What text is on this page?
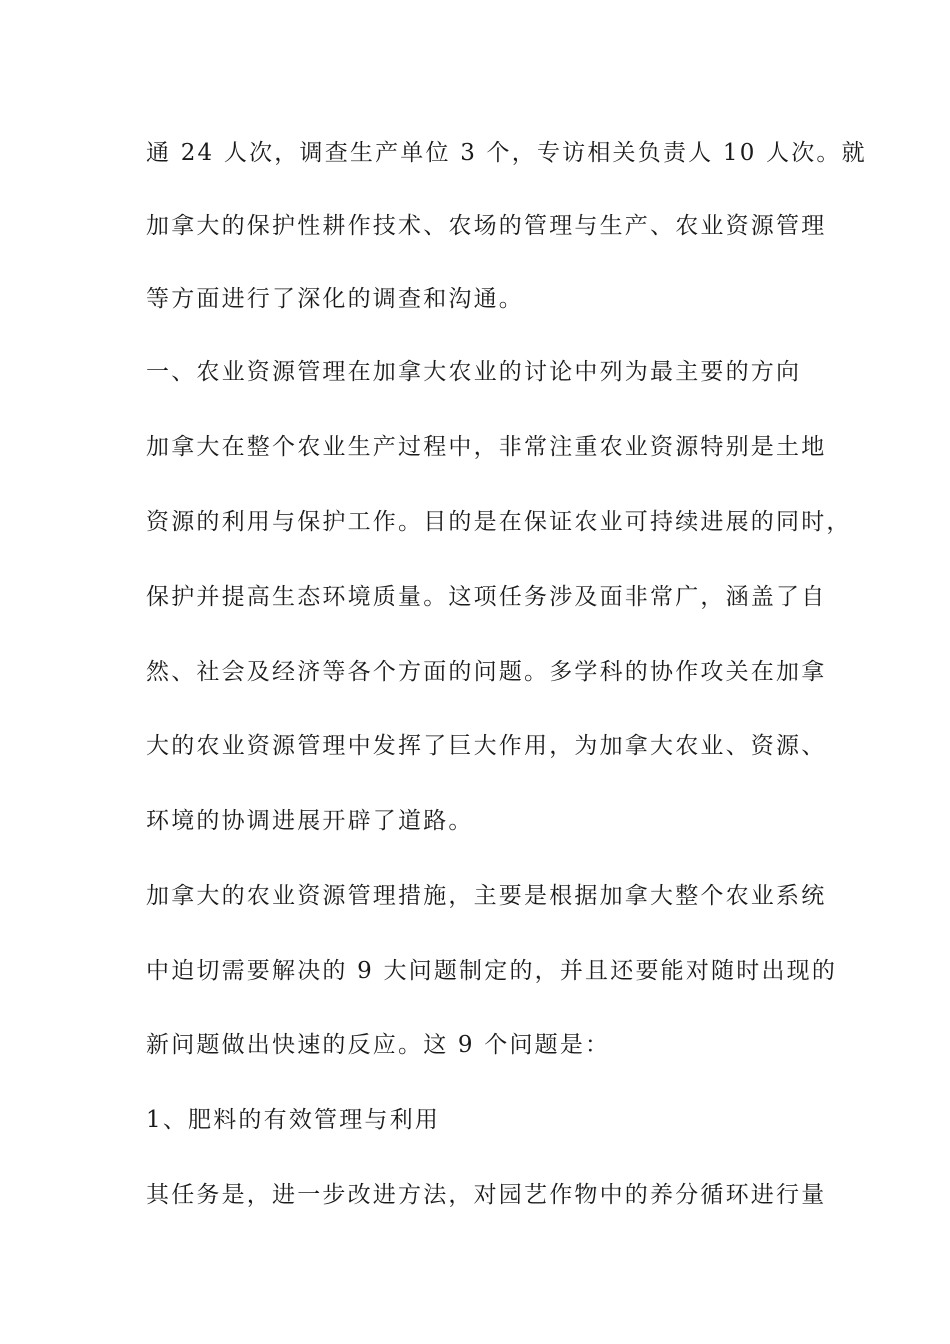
通 24 人次，调查生产单位 3 个，专访相关负责人 10 人次。就
加拿大的保护性耕作技术、农场的管理与生产、农业资源管理
等方面进行了深化的调查和沟通。
一、农业资源管理在加拿大农业的讨论中列为最主要的方向
加拿大在整个农业生产过程中，非常注重农业资源特别是土地
资源的利用与保护工作。目的是在保证农业可持续进展的同时，
保护并提高生态环境质量。这项任务涉及面非常广，涵盖了自
然、社会及经济等各个方面的问题。多学科的协作攻关在加拿
大的农业资源管理中发挥了巨大作用，为加拿大农业、资源、
环境的协调进展开辟了道路。
加拿大的农业资源管理措施，主要是根据加拿大整个农业系统
中迫切需要解决的 9 大问题制定的，并且还要能对随时出现的
新问题做出快速的反应。这 9 个问题是：
1、肥料的有效管理与利用
其任务是，进一步改进方法，对园艺作物中的养分循环进行量
